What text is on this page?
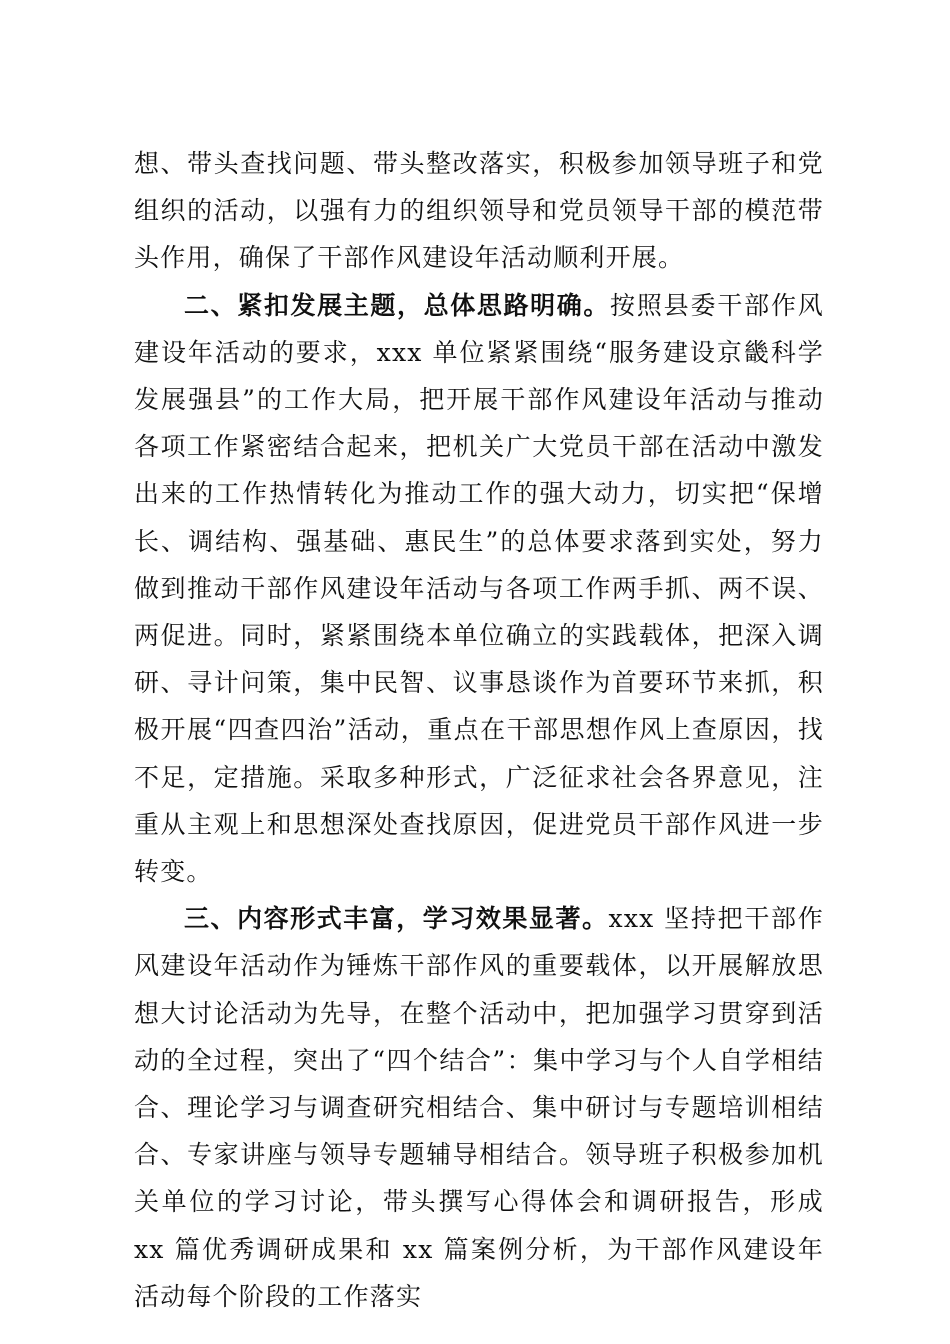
想、带头查找问题、带头整改落实，积极参加领导班子和党组织的活动，以强有力的组织领导和党员领导干部的模范带头作用，确保了干部作风建设年活动顺利开展。

二、紧扣发展主题，总体思路明确。按照县委干部作风建设年活动的要求，xxx 单位紧紧围绕“服务建设京畿科学发展强县”的工作大局，把开展干部作风建设年活动与推动各项工作紧密结合起来，把机关广大党员干部在活动中激发出来的工作热情转化为推动工作的强大动力，切实把“保增长、调结构、强基础、惠民生”的总体要求落到实处，努力做到推动干部作风建设年活动与各项工作两手抓、两不误、两促进。同时，紧紧围绕本单位确立的实践载体，把深入调研、寻计问策，集中民智、议事恳谈作为首要环节来抓，积极开展“四查四治”活动，重点在干部思想作风上查原因，找不足，定措施。采取多种形式，广泛征求社会各界意见，注重从主观上和思想深处查找原因，促进党员干部作风进一步转变。

三、内容形式丰富，学习效果显著。xxx 坚持把干部作风建设年活动作为锤炼干部作风的重要载体，以开展解放思想大讨论活动为先导，在整个活动中，把加强学习贯穿到活动的全过程，突出了“四个结合”：集中学习与个人自学相结合、理论学习与调查研究相结合、集中研讨与专题培训相结合、专家讲座与领导专题辅导相结合。领导班子积极参加机关单位的学习讨论，带头撰写心得体会和调研报告，形成 xx 篇优秀调研成果和 xx 篇案例分析，为干部作风建设年活动每个阶段的工作落实
